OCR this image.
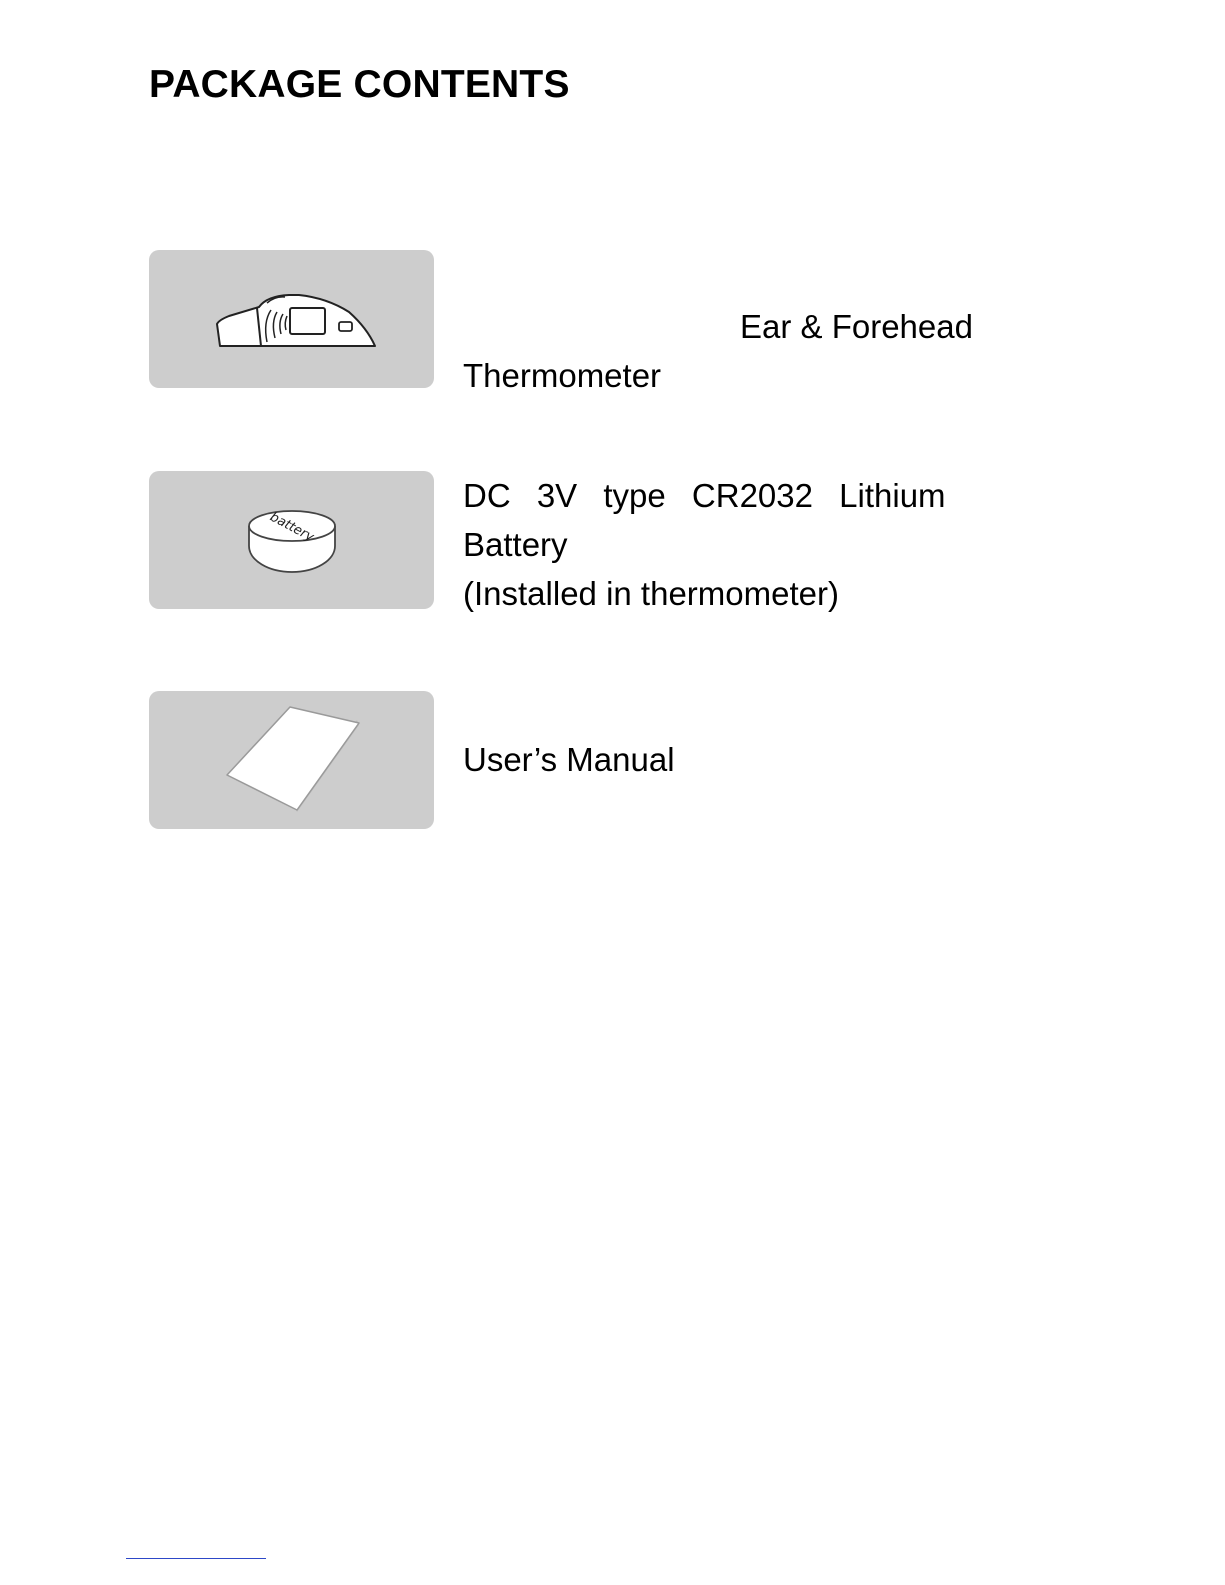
PACKAGE CONTENTS
Ear & Forehead
Thermometer
battery
DC 3V type CR2032 Lithium
Battery
(Installed in thermometer)
User’s Manual
